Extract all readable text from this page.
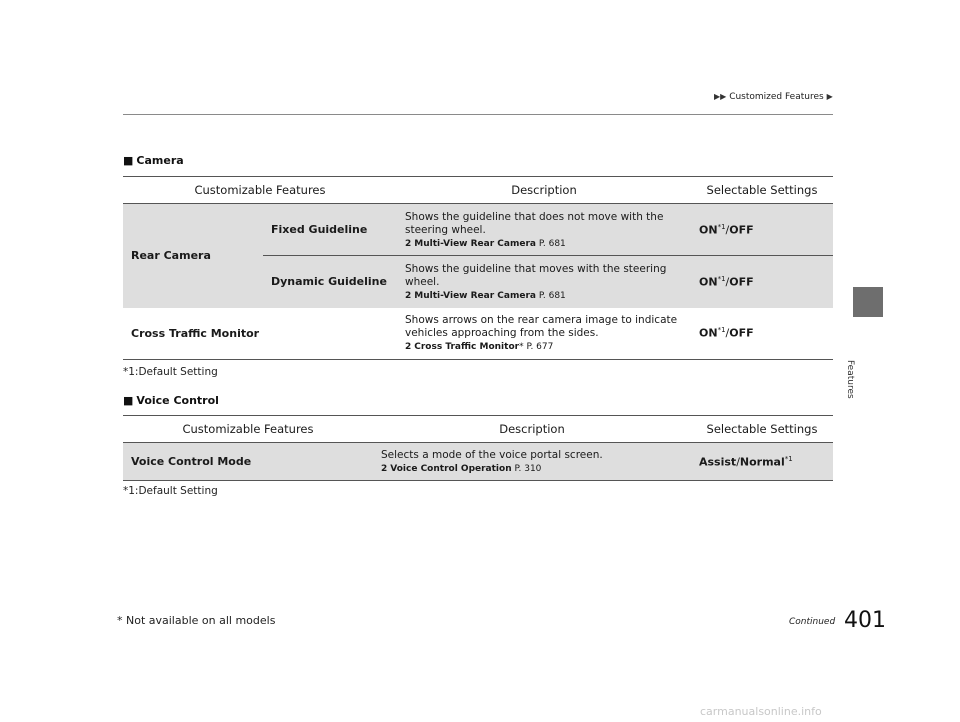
▶▶ Customized Features ▶
Features
■ Camera
Customizable Features		Description	Selectable Settings
Rear Camera	Fixed Guideline	Shows the guideline that does not move with the
steering wheel.
2 Multi-View Rear Camera P. 681	ON$^{*1}$/OFF
	Dynamic Guideline	Shows the guideline that moves with the steering
wheel.
2 Multi-View Rear Camera P. 681	ON$^{*1}$/OFF
Cross Traffic Monitor		Shows arrows on the rear camera image to indicate
vehicles approaching from the sides.
2 Cross Traffic Monitor* P. 677	ON$^{*1}$/OFF
*1:Default Setting
■ Voice Control
Customizable Features	Description	Selectable Settings
Voice Control Mode	Selects a mode of the voice portal screen.
2 Voice Control Operation P. 310	Assist/Normal$^{*1}$
*1:Default Setting
* Not available on all models	Continued 401
carmanualsonline.info
